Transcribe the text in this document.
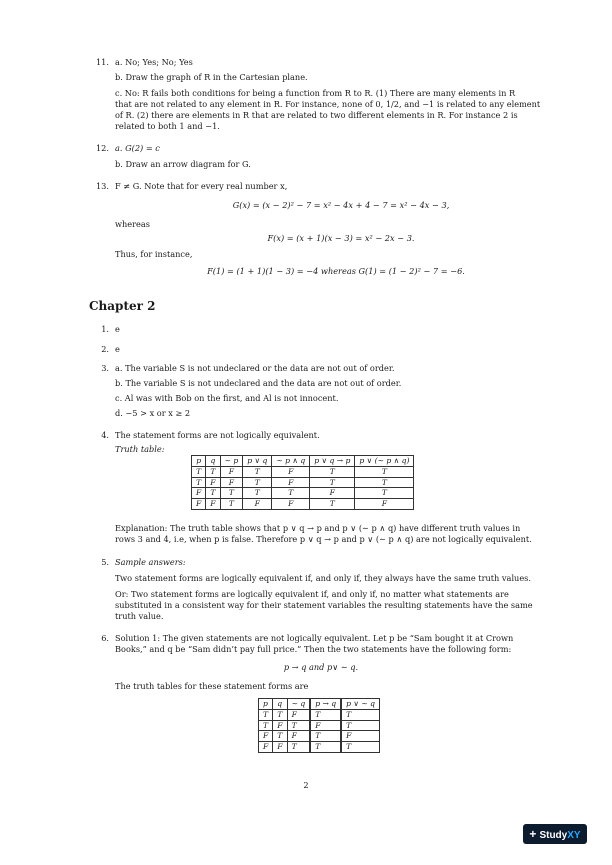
11. a. No; Yes; No; Yes
b. Draw the graph of R in the Cartesian plane.
c. No: R fails both conditions for being a function from R to R. (1) There are many elements in R
that are not related to any element in R. For instance, none of 0, 1/2, and −1 is related to any element
of R. (2) there are elements in R that are related to two different elements in R. For instance 2 is
related to both 1 and −1.
12. a. G(2) = c
b. Draw an arrow diagram for G.
13. F ≠ G. Note that for every real number x,
G(x) = (x − 2)² − 7 = x² − 4x + 4 − 7 = x² − 4x − 3,
whereas
F(x) = (x + 1)(x − 3) = x² − 2x − 3.
Thus, for instance,
F(1) = (1 + 1)(1 − 3) = −4 whereas G(1) = (1 − 2)² − 7 = −6.
Chapter 2
1. e
2. e
3. a. The variable S is not undeclared or the data are not out of order.
b. The variable S is not undeclared and the data are not out of order.
c. Al was with Bob on the first, and Al is not innocent.
d. −5 > x or x ≥ 2
4. The statement forms are not logically equivalent.
Truth table:
p	q	∼ p	p ∨ q	∼ p ∧ q	p ∨ q → p	p ∨ (∼ p ∧ q)
T	T	F	T	F	T	T
T	F	F	T	F	T	T
F	T	T	T	T	F	T
F	F	T	F	F	T	F
Explanation: The truth table shows that p ∨ q → p and p ∨ (∼ p ∧ q) have different truth values in
rows 3 and 4, i.e, when p is false. Therefore p ∨ q → p and p ∨ (∼ p ∧ q) are not logically equivalent.
5. Sample answers:
Two statement forms are logically equivalent if, and only if, they always have the same truth values.
Or: Two statement forms are logically equivalent if, and only if, no matter what statements are
substituted in a consistent way for their statement variables the resulting statements have the same
truth value.
6. Solution 1: The given statements are not logically equivalent. Let p be “Sam bought it at Crown
Books,” and q be “Sam didn’t pay full price.” Then the two statements have the following form:
p → q and p∨ ∼ q.
The truth tables for these statement forms are
p	q	∼ q	p → q	p ∨ ∼ q
T	T	F	T	T
T	F	T	F	T
F	T	F	T	F
F	F	T	T	T
2
+ StudyXY
